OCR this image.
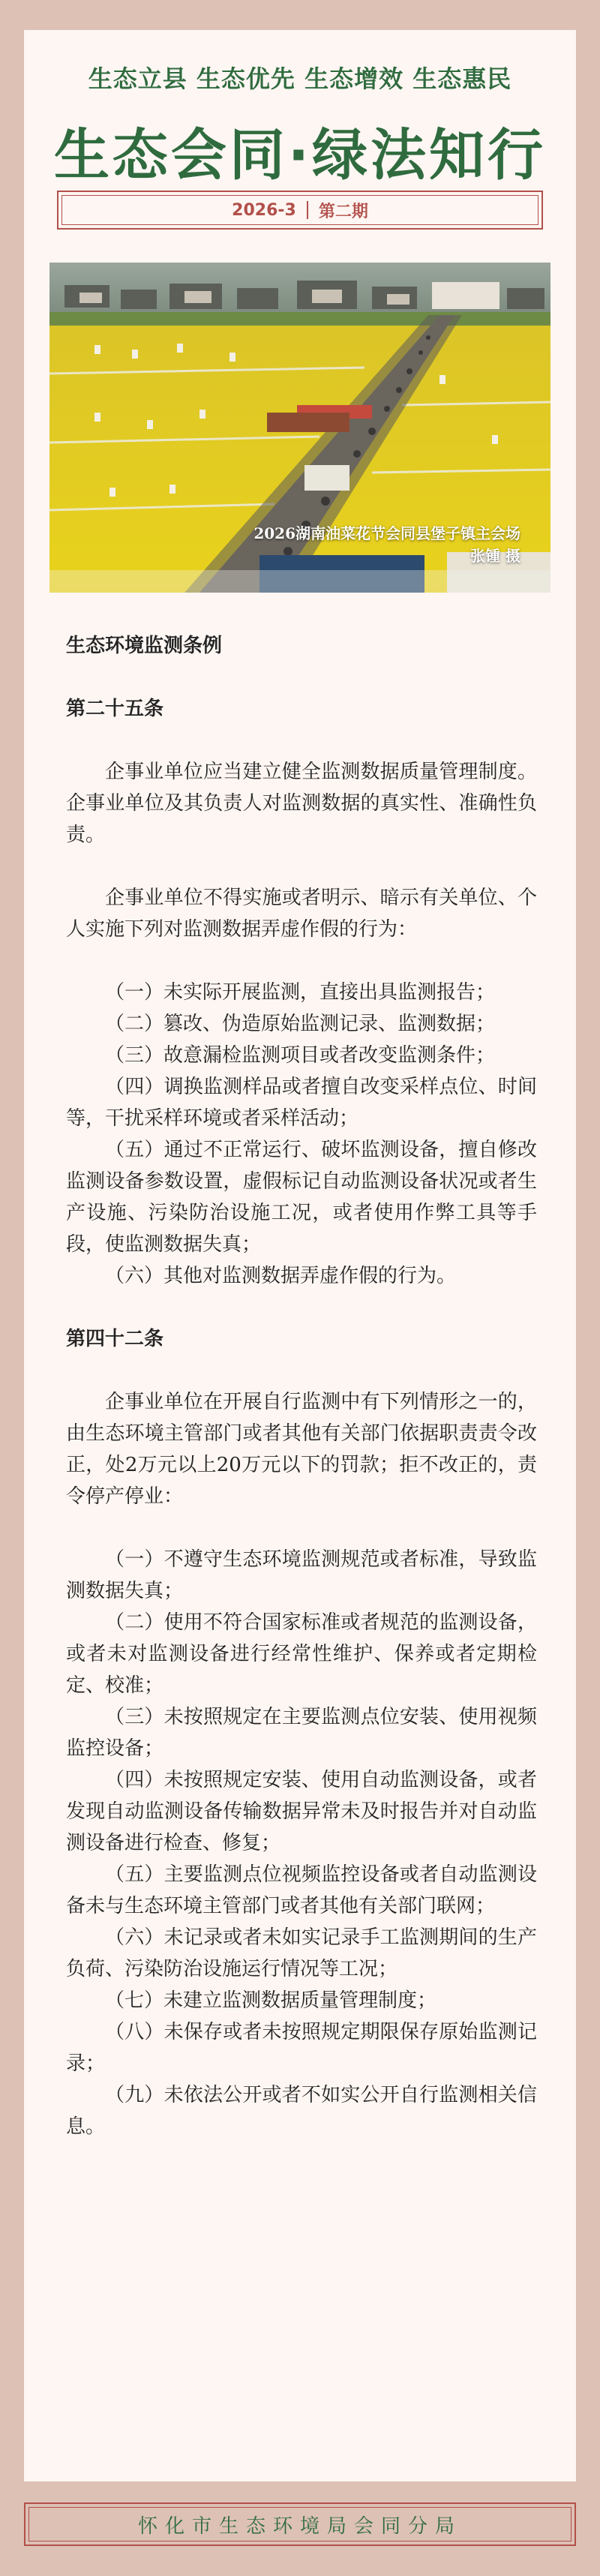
生态立县 生态优先 生态增效 生态惠民
生态会同·绿法知行
2026-3 第二期
2026湖南油菜花节会同县堡子镇主会场
张锺 摄

生态环境监测条例

第二十五条

企事业单位应当建立健全监测数据质量管理制度。企事业单位及其负责人对监测数据的真实性、准确性负责。

企事业单位不得实施或者明示、暗示有关单位、个人实施下列对监测数据弄虚作假的行为：

（一）未实际开展监测，直接出具监测报告；

（二）篡改、伪造原始监测记录、监测数据；

（三）故意漏检监测项目或者改变监测条件；

（四）调换监测样品或者擅自改变采样点位、时间等，干扰采样环境或者采样活动；

（五）通过不正常运行、破坏监测设备，擅自修改监测设备参数设置，虚假标记自动监测设备状况或者生产设施、污染防治设施工况，或者使用作弊工具等手段，使监测数据失真；

（六）其他对监测数据弄虚作假的行为。

第四十二条

企事业单位在开展自行监测中有下列情形之一的，由生态环境主管部门或者其他有关部门依据职责责令改正，处2万元以上20万元以下的罚款；拒不改正的，责令停产停业：

（一）不遵守生态环境监测规范或者标准，导致监测数据失真；

（二）使用不符合国家标准或者规范的监测设备，或者未对监测设备进行经常性维护、保养或者定期检定、校准；

（三）未按照规定在主要监测点位安装、使用视频监控设备；

（四）未按照规定安装、使用自动监测设备，或者发现自动监测设备传输数据异常未及时报告并对自动监测设备进行检查、修复；

（五）主要监测点位视频监控设备或者自动监测设备未与生态环境主管部门或者其他有关部门联网；

（六）未记录或者未如实记录手工监测期间的生产负荷、污染防治设施运行情况等工况；

（七）未建立监测数据质量管理制度；

（八）未保存或者未按照规定期限保存原始监测记录；

（九）未依法公开或者不如实公开自行监测相关信息。

怀化市生态环境局会同分局
